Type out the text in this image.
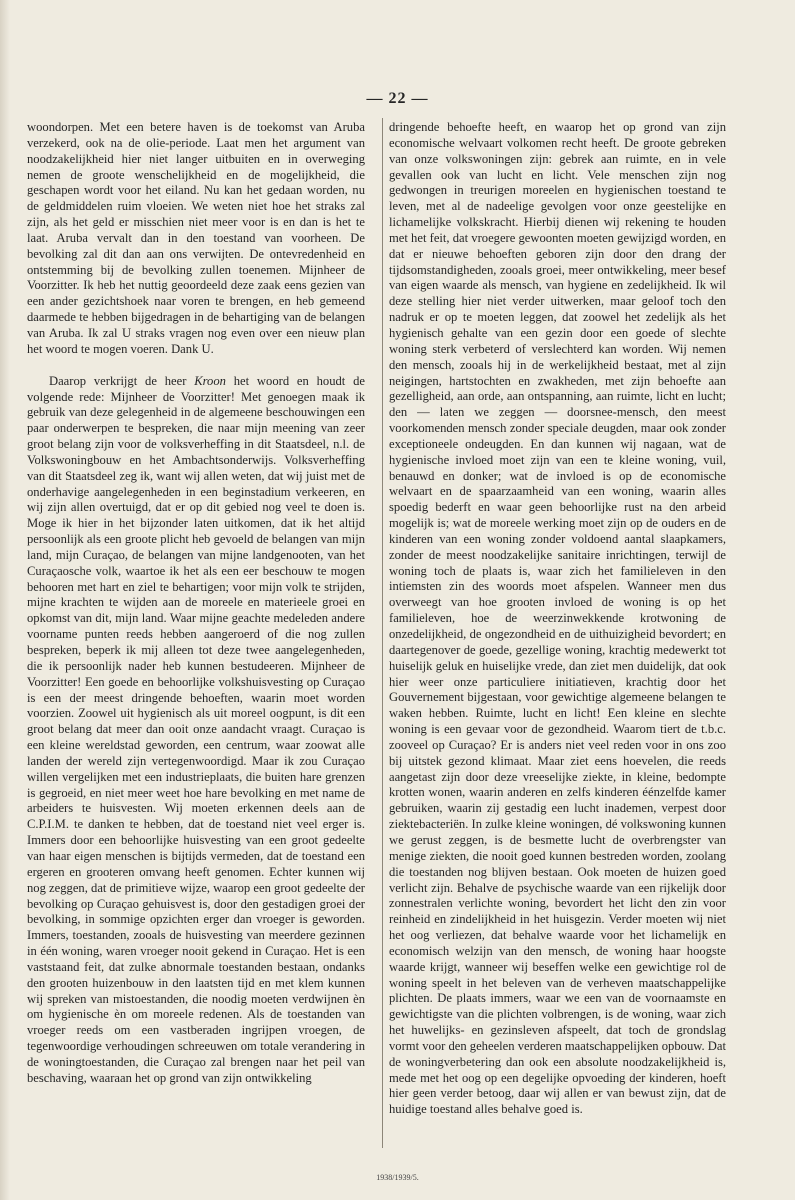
— 22 —

woondorpen. Met een betere haven is de toekomst van Aruba verzekerd, ook na de olie-periode. Laat men het argument van noodzakelijkheid hier niet langer uitbuiten en in overweging nemen de groote wenschelijkheid en de mogelijkheid, die geschapen wordt voor het eiland. Nu kan het gedaan worden, nu de geldmiddelen ruim vloeien. We weten niet hoe het straks zal zijn, als het geld er misschien niet meer voor is en dan is het te laat. Aruba vervalt dan in den toestand van voorheen. De bevolking zal dit dan aan ons verwijten. De ontevredenheid en ontstemming bij de bevolking zullen toenemen. Mijnheer de Voorzitter. Ik heb het nuttig geoordeeld deze zaak eens gezien van een ander gezichtshoek naar voren te brengen, en heb gemeend daarmede te hebben bijgedragen in de behartiging van de belangen van Aruba. Ik zal U straks vragen nog even over een nieuw plan het woord te mogen voeren. Dank U.

Daarop verkrijgt de heer Kroon het woord en houdt de volgende rede: Mijnheer de Voorzitter! Met genoegen maak ik gebruik van deze gelegenheid in de algemeene beschouwingen een paar onderwerpen te bespreken, die naar mijn meening van zeer groot belang zijn voor de volksverheffing in dit Staatsdeel, n.l. de Volkswoningbouw en het Ambachtsonderwijs. Volksverheffing van dit Staatsdeel zeg ik, want wij allen weten, dat wij juist met de onderhavige aangelegenheden in een beginstadium verkeeren, en wij zijn allen overtuigd, dat er op dit gebied nog veel te doen is. Moge ik hier in het bijzonder laten uitkomen, dat ik het altijd persoonlijk als een groote plicht heb gevoeld de belangen van mijn land, mijn Curaçao, de belangen van mijne landgenooten, van het Curaçaosche volk, waartoe ik het als een eer beschouw te mogen behooren met hart en ziel te behartigen; voor mijn volk te strijden, mijne krachten te wijden aan de moreele en materieele groei en opkomst van dit, mijn land. Waar mijne geachte medeleden andere voorname punten reeds hebben aangeroerd of die nog zullen bespreken, beperk ik mij alleen tot deze twee aangelegenheden, die ik persoonlijk nader heb kunnen bestudeeren. Mijnheer de Voorzitter! Een goede en behoorlijke volkshuisvesting op Curaçao is een der meest dringende behoeften, waarin moet worden voorzien. Zoowel uit hygienisch als uit moreel oogpunt, is dit een groot belang dat meer dan ooit onze aandacht vraagt. Curaçao is een kleine wereldstad geworden, een centrum, waar zoowat alle landen der wereld zijn vertegenwoordigd. Maar ik zou Curaçao willen vergelijken met een industrieplaats, die buiten hare grenzen is gegroeid, en niet meer weet hoe hare bevolking en met name de arbeiders te huisvesten. Wij moeten erkennen deels aan de C.P.I.M. te danken te hebben, dat de toestand niet veel erger is. Immers door een behoorlijke huisvesting van een groot gedeelte van haar eigen menschen is bijtijds vermeden, dat de toestand een ergeren en grooteren omvang heeft genomen. Echter kunnen wij nog zeggen, dat de primitieve wijze, waarop een groot gedeelte der bevolking op Curaçao gehuisvest is, door den gestadigen groei der bevolking, in sommige opzichten erger dan vroeger is geworden. Immers, toestanden, zooals de huisvesting van meerdere gezinnen in één woning, waren vroeger nooit gekend in Curaçao. Het is een vaststaand feit, dat zulke abnormale toestanden bestaan, ondanks den grooten huizenbouw in den laatsten tijd en met klem kunnen wij spreken van mistoestanden, die noodig moeten verdwijnen èn om hygienische èn om moreele redenen. Als de toestanden van vroeger reeds om een vastberaden ingrijpen vroegen, de tegenwoordige verhoudingen schreeuwen om totale verandering in de woningtoestanden, die Curaçao zal brengen naar het peil van beschaving, waaraan het op grond van zijn ontwikkeling

dringende behoefte heeft, en waarop het op grond van zijn economische welvaart volkomen recht heeft. De groote gebreken van onze volkswoningen zijn: gebrek aan ruimte, en in vele gevallen ook van lucht en licht. Vele menschen zijn nog gedwongen in treurigen moreelen en hygienischen toestand te leven, met al de nadeelige gevolgen voor onze geestelijke en lichamelijke volkskracht. Hierbij dienen wij rekening te houden met het feit, dat vroegere gewoonten moeten gewijzigd worden, en dat er nieuwe behoeften geboren zijn door den drang der tijdsomstandigheden, zooals groei, meer ontwikkeling, meer besef van eigen waarde als mensch, van hygiene en zedelijkheid. Ik wil deze stelling hier niet verder uitwerken, maar geloof toch den nadruk er op te moeten leggen, dat zoowel het zedelijk als het hygienisch gehalte van een gezin door een goede of slechte woning sterk verbeterd of verslechterd kan worden. Wij nemen den mensch, zooals hij in de werkelijkheid bestaat, met al zijn neigingen, hartstochten en zwakheden, met zijn behoefte aan gezelligheid, aan orde, aan ontspanning, aan ruimte, licht en lucht; den — laten we zeggen — doorsnee-mensch, den meest voorkomenden mensch zonder speciale deugden, maar ook zonder exceptioneele ondeugden. En dan kunnen wij nagaan, wat de hygienische invloed moet zijn van een te kleine woning, vuil, benauwd en donker; wat de invloed is op de economische welvaart en de spaarzaamheid van een woning, waarin alles spoedig bederft en waar geen behoorlijke rust na den arbeid mogelijk is; wat de moreele werking moet zijn op de ouders en de kinderen van een woning zonder voldoend aantal slaapkamers, zonder de meest noodzakelijke sanitaire inrichtingen, terwijl de woning toch de plaats is, waar zich het familieleven in den intiemsten zin des woords moet afspelen. Wanneer men dus overweegt van hoe grooten invloed de woning is op het familieleven, hoe de weerzinwekkende krotwoning de onzedelijkheid, de ongezondheid en de uithuizigheid bevordert; en daartegenover de goede, gezellige woning, krachtig medewerkt tot huiselijk geluk en huiselijke vrede, dan ziet men duidelijk, dat ook hier weer onze particuliere initiatieven, krachtig door het Gouvernement bijgestaan, voor gewichtige algemeene belangen te waken hebben. Ruimte, lucht en licht! Een kleine en slechte woning is een gevaar voor de gezondheid. Waarom tiert de t.b.c. zooveel op Curaçao? Er is anders niet veel reden voor in ons zoo bij uitstek gezond klimaat. Maar ziet eens hoevelen, die reeds aangetast zijn door deze vreeselijke ziekte, in kleine, bedompte krotten wonen, waarin anderen en zelfs kinderen éénzelfde kamer gebruiken, waarin zij gestadig een lucht inademen, verpest door ziektebacteriën. In zulke kleine woningen, dé volkswoning kunnen we gerust zeggen, is de besmette lucht de overbrengster van menige ziekten, die nooit goed kunnen bestreden worden, zoolang die toestanden nog blijven bestaan. Ook moeten de huizen goed verlicht zijn. Behalve de psychische waarde van een rijkelijk door zonnestralen verlichte woning, bevordert het licht den zin voor reinheid en zindelijkheid in het huisgezin. Verder moeten wij niet het oog verliezen, dat behalve waarde voor het lichamelijk en economisch welzijn van den mensch, de woning haar hoogste waarde krijgt, wanneer wij beseffen welke een gewichtige rol de woning speelt in het beleven van de verheven maatschappelijke plichten. De plaats immers, waar we een van de voornaamste en gewichtigste van die plichten volbrengen, is de woning, waar zich het huwelijks- en gezinsleven afspeelt, dat toch de grondslag vormt voor den geheelen verderen maatschappelijken opbouw. Dat de woningverbetering dan ook een absolute noodzakelijkheid is, mede met het oog op een degelijke opvoeding der kinderen, hoeft hier geen verder betoog, daar wij allen er van bewust zijn, dat de huidige toestand alles behalve goed is.

1938/1939/5.
